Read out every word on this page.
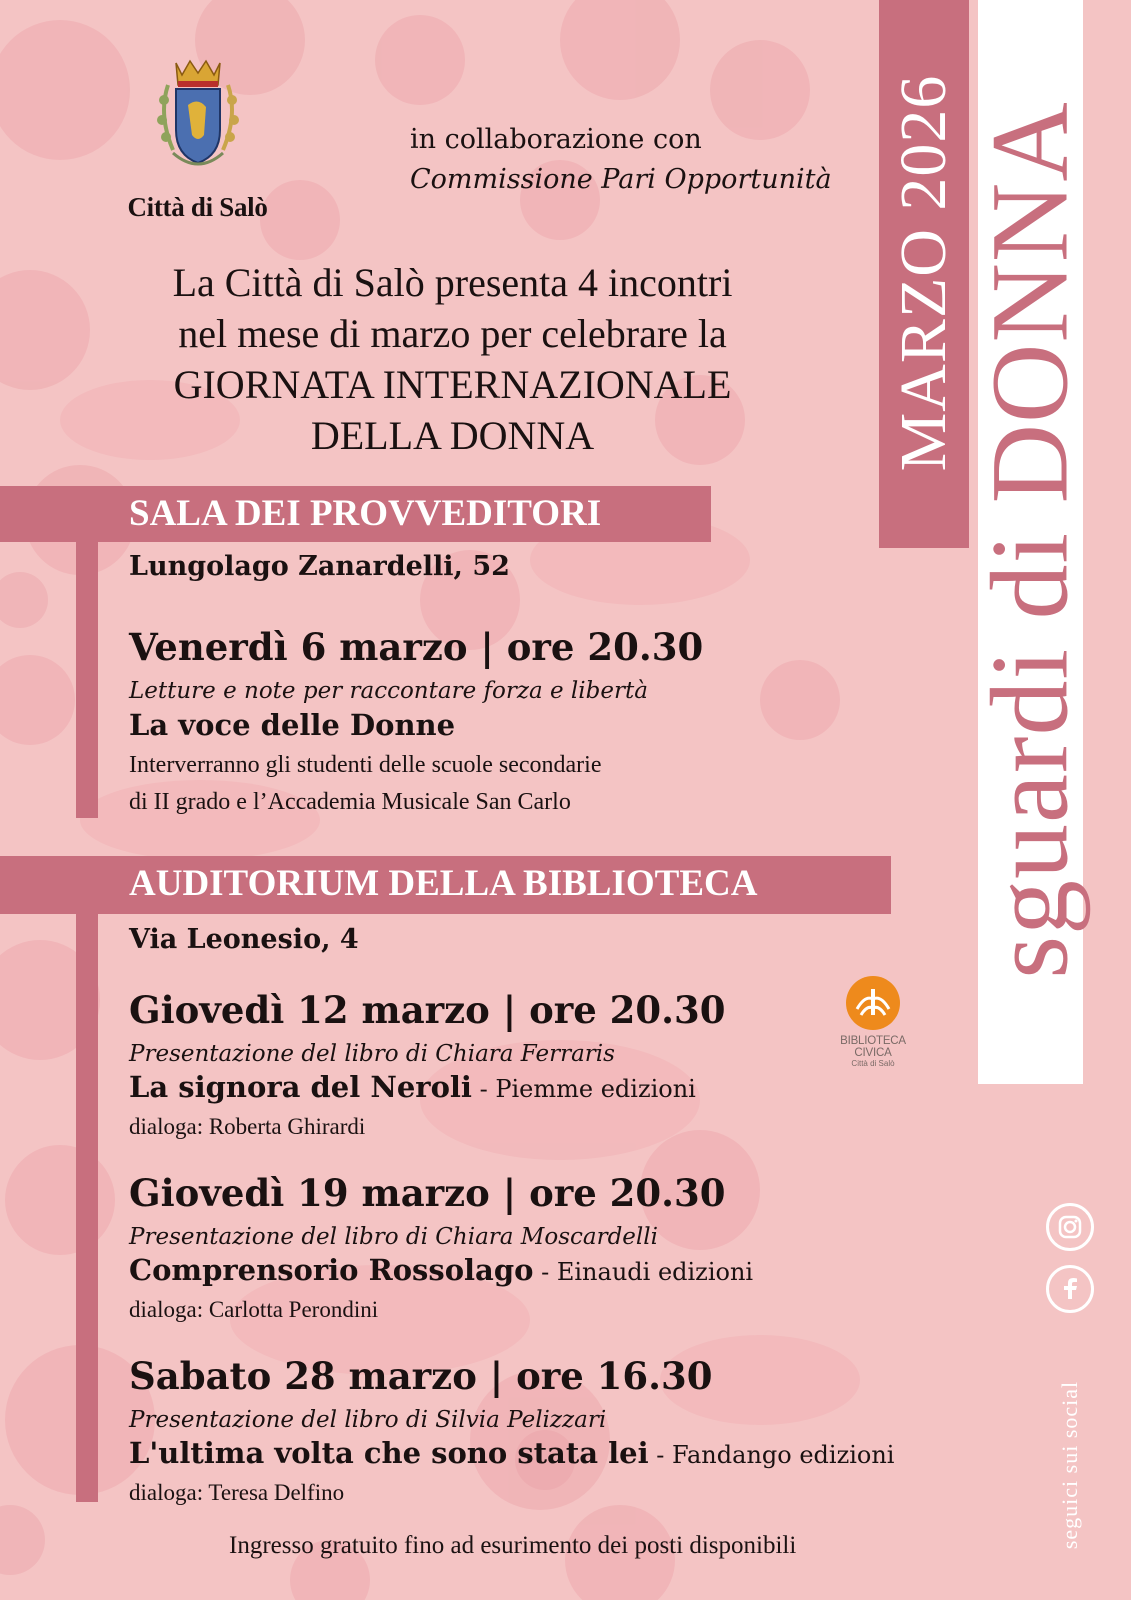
Città di Salò
in collaborazione con
Commissione Pari Opportunità
La Città di Salò presenta 4 incontri
nel mese di marzo per celebrare la
GIORNATA INTERNAZIONALE
DELLA DONNA	MARZO 2026 sguardi di DONNA
SALA DEI PROVVEDITORI
Lungolago Zanardelli, 52
Venerdì 6 marzo | ore 20.30
Letture e note per raccontare forza e libertà
La voce delle Donne
Interverranno gli studenti delle scuole secondarie
di II grado e l’Accademia Musicale San Carlo
AUDITORIUM DELLA BIBLIOTECA
Via Leonesio, 4
Giovedì 12 marzo | ore 20.30
Presentazione del libro di Chiara Ferraris
La signora del Neroli - Piemme edizioni
dialoga: Roberta Ghirardi
Giovedì 19 marzo | ore 20.30
Presentazione del libro di Chiara Moscardelli
Comprensorio Rossolago - Einaudi edizioni
dialoga: Carlotta Perondini
Sabato 28 marzo | ore 16.30
Presentazione del libro di Silvia Pelizzari
L'ultima volta che sono stata lei - Fandango edizioni
dialoga: Teresa Delfino
BIBLIOTECA CIVICA
Città di Salò
seguici sui social
Ingresso gratuito fino ad esurimento dei posti disponibili
